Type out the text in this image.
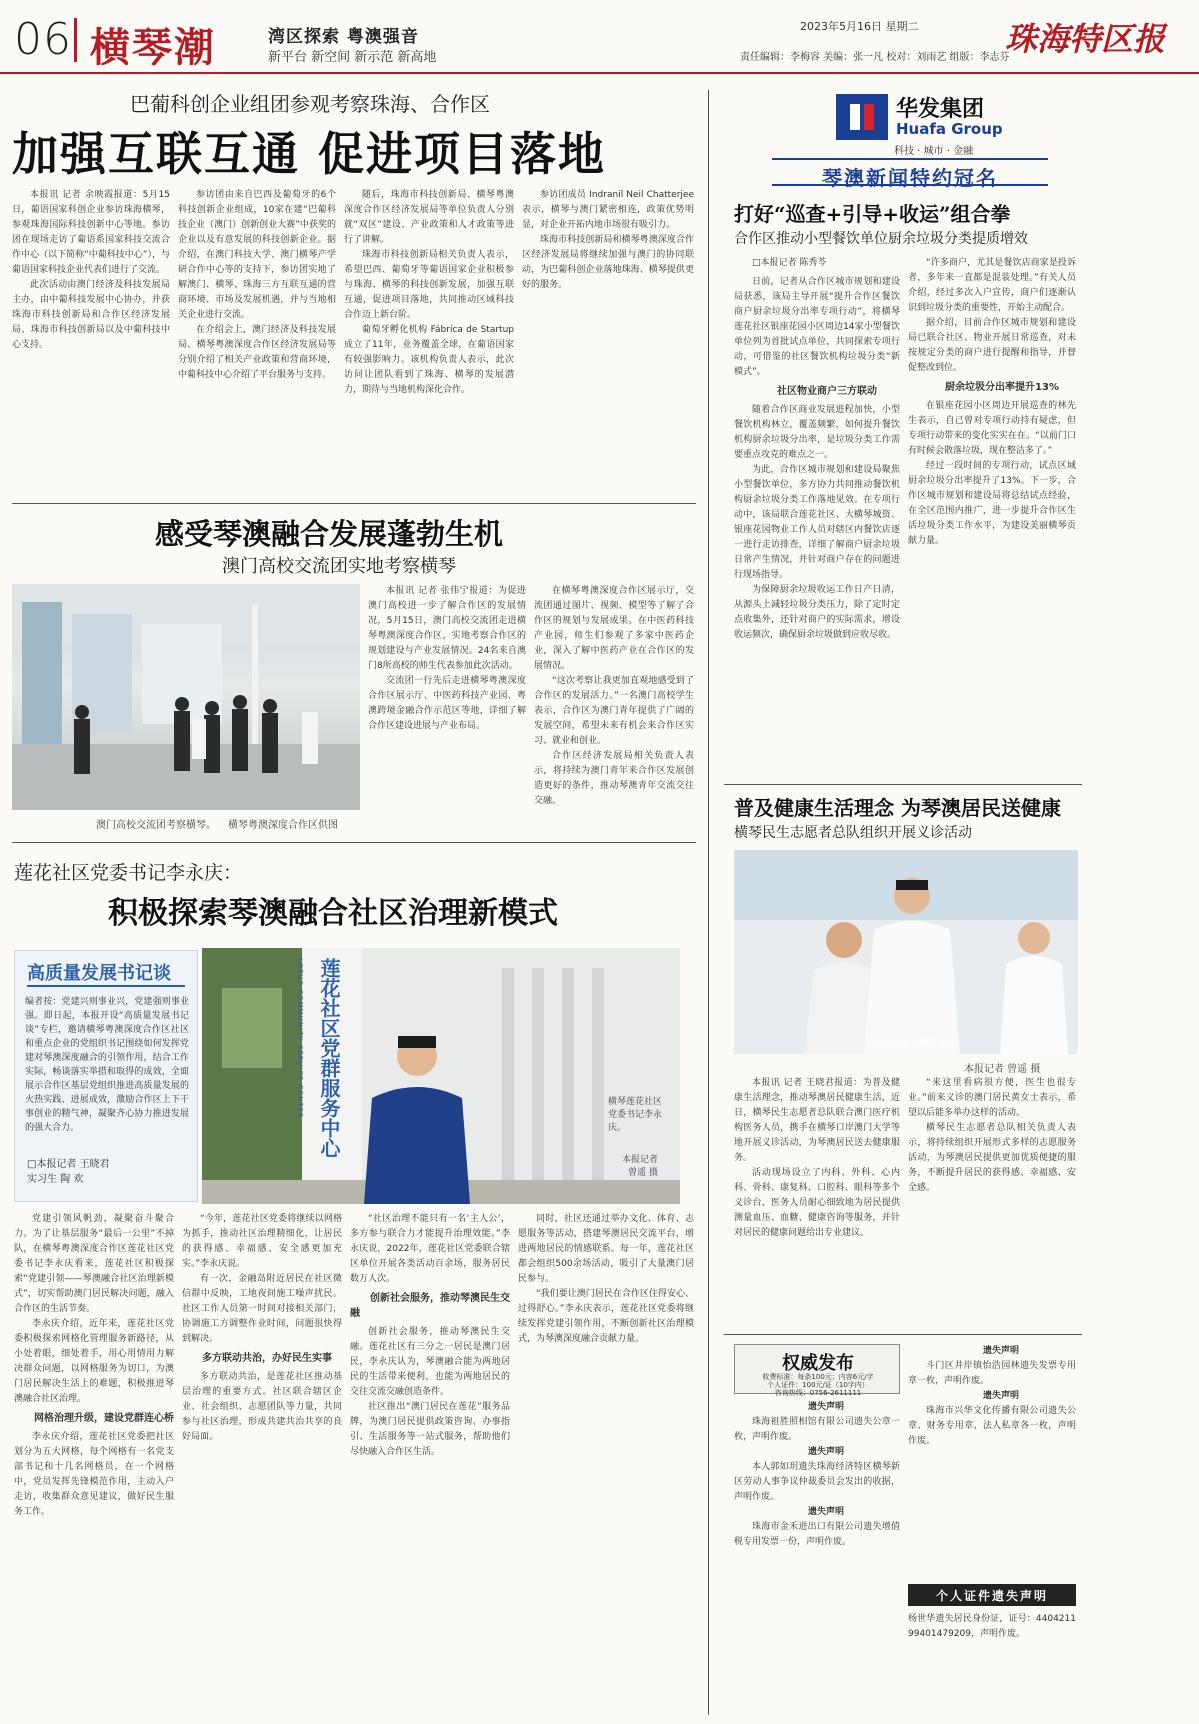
06 横琴潮	湾区探索 粤澳强音
新平台 新空间 新示范 新高地
2023年5月16日 星期二
责任编辑：李梅容 美编：张一凡 校对：刘雨艺 组版：李志芬
珠海特区报
巴葡科创企业组团参观考察珠海、合作区
加强互联互通 促进项目落地

本报讯 记者 余映霞报道：5月15日，葡语国家科创企业参访珠海横琴，参观珠海国际科技创新中心等地。参访团在现场走访了葡语系国家科技交流合作中心（以下简称“中葡科技中心”），与葡语国家科技企业代表们进行了交流。

此次活动由澳门经济及科技发展局主办，由中葡科技发展中心协办，并获珠海市科技创新局和合作区经济发展局、珠海市科技创新局以及中葡科技中心支持。

参访团由来自巴西及葡萄牙的6个科技创新企业组成，10家在建“巴葡科技企业（澳门）创新创业大赛”中获奖的企业以及有意发展的科技创新企业。据介绍，在澳门科技大学、澳门横琴产学研合作中心等的支持下，参访团实地了解澳门、横琴、珠海三方互联互通的营商环境、市场及发展机遇，并与当地相关企业进行交流。

在介绍会上，澳门经济及科技发展局、横琴粤澳深度合作区经济发展局等分别介绍了相关产业政策和营商环境，中葡科技中心介绍了平台服务与支持。

随后，珠海市科技创新局、横琴粤澳深度合作区经济发展局等单位负责人分别就“双区”建设、产业政策和人才政策等进行了讲解。

珠海市科技创新局相关负责人表示，希望巴西、葡萄牙等葡语国家企业积极参与珠海、横琴的科技创新发展，加强互联互通，促进项目落地，共同推动区域科技合作迈上新台阶。

葡萄牙孵化机构 Fábrica de Startup 成立了11年，业务覆盖全球，在葡语国家有较强影响力。该机构负责人表示，此次访问让团队看到了珠海、横琴的发展潜力，期待与当地机构深化合作。

参访团成员 Indranil Neil Chatterjee 表示，横琴与澳门紧密相连，政策优势明显，对企业开拓内地市场很有吸引力。

珠海市科技创新局和横琴粤澳深度合作区经济发展局将继续加强与澳门的协同联动，为巴葡科创企业落地珠海、横琴提供更好的服务。

感受琴澳融合发展蓬勃生机
澳门高校交流团实地考察横琴
澳门高校交流团考察横琴。 横琴粤澳深度合作区供图

本报讯 记者 张伟宁报道：为促进澳门高校进一步了解合作区的发展情况，5月15日，澳门高校交流团走进横琴粤澳深度合作区，实地考察合作区的规划建设与产业发展情况。24名来自澳门8所高校的师生代表参加此次活动。

交流团一行先后走进横琴粤澳深度合作区展示厅、中医药科技产业园、粤澳跨境金融合作示范区等地，详细了解合作区建设进展与产业布局。

在横琴粤澳深度合作区展示厅，交流团通过图片、视频、模型等了解了合作区的规划与发展成果。在中医药科技产业园，师生们参观了多家中医药企业，深入了解中医药产业在合作区的发展情况。

“这次考察让我更加直观地感受到了合作区的发展活力。”一名澳门高校学生表示，合作区为澳门青年提供了广阔的发展空间，希望未来有机会来合作区实习、就业和创业。

合作区经济发展局相关负责人表示，将持续为澳门青年来合作区发展创造更好的条件，推动琴澳青年交流交往交融。

莲花社区党委书记李永庆：
积极探索琴澳融合社区治理新模式
高质量发展书记谈
编者按：党建兴则事业兴，党建强则事业强。即日起，本报开设“高质量发展书记谈”专栏，邀请横琴粤澳深度合作区社区和重点企业的党组织书记围绕如何发挥党建对琴澳深度融合的引领作用，结合工作实际，畅谈落实举措和取得的成效，全面展示合作区基层党组织推进高质量发展的火热实践、进展成效，激励合作区上下干事创业的精气神，凝聚齐心协力推进发展的强大合力。
□本报记者 王晓君
实习生 陶 欢
莲花社区党群服务中心
LOTUS COMMUNITY SERVICE CENTER	横琴莲花社区党委书记李永庆。
本报记者
曾遥 摄

党建引领风帆劲，凝聚奋斗聚合力。为了让基层服务“最后一公里”不掉队，在横琴粤澳深度合作区莲花社区党委书记李永庆看来，莲花社区积极探索“党建引领——琴澳融合社区治理新模式”，切实帮助澳门居民解决问题，融入合作区的生活节奏。

李永庆介绍，近年来，莲花社区党委积极探索网格化管理服务新路径，从小处着眼，细处着手，用心用情用力解决群众问题，以网格服务为切口，为澳门居民解决生活上的难题，积极推进琴澳融合社区治理。

网格治理升级，建设党群连心桥

李永庆介绍，莲花社区党委把社区划分为五大网格，每个网格有一名党支部书记和十几名网格员，在一个网格中，党员发挥先锋模范作用，主动入户走访，收集群众意见建议，做好民生服务工作。

“今年，莲花社区党委将继续以网格为抓手，推动社区治理精细化，让居民的获得感、幸福感、安全感更加充实。”李永庆说。

有一次，金融岛附近居民在社区微信群中反映，工地夜间施工噪声扰民。社区工作人员第一时间对接相关部门，协调施工方调整作业时间，问题很快得到解决。

多方联动共治，办好民生实事

多方联动共治，是莲花社区推动基层治理的重要方式。社区联合辖区企业、社会组织、志愿团队等力量，共同参与社区治理，形成共建共治共享的良好局面。

“社区治理不能只有一名‘主人公’，多方参与联合力才能提升治理效能。”李永庆说，2022年，莲花社区党委联合辖区单位开展各类活动百余场，服务居民数万人次。

创新社会服务，推动琴澳民生交融

创新社会服务，推动琴澳民生交融。莲花社区有三分之一居民是澳门居民，李永庆认为，琴澳融合能为两地居民的生活带来便利，也能为两地居民的交往交流交融创造条件。

社区推出“澳门居民在莲花”服务品牌，为澳门居民提供政策咨询、办事指引、生活服务等一站式服务，帮助他们尽快融入合作区生活。

同时，社区还通过举办文化、体育、志愿服务等活动，搭建琴澳居民交流平台，增进两地居民的情感联系。每一年，莲花社区都会组织500余场活动，吸引了大量澳门居民参与。

“我们要让澳门居民在合作区住得安心、过得舒心。”李永庆表示，莲花社区党委将继续发挥党建引领作用，不断创新社区治理模式，为琴澳深度融合贡献力量。

华发集团
Huafa Group
科技 · 城市 · 金融
琴澳新闻特约冠名
打好“巡查+引导+收运”组合拳
合作区推动小型餐饮单位厨余垃圾分类提质增效

□本报记者 陈秀芩

日前，记者从合作区城市规划和建设局获悉，该局主导开展“提升合作区餐饮商户厨余垃圾分出率专项行动”，将横琴莲花社区银座花园小区周边14家小型餐饮单位列为首批试点单位，共同探索专项行动，可借鉴的社区餐饮机构垃圾分类“新模式”。

社区物业商户三方联动

随着合作区商业发展进程加快，小型餐饮机构林立，覆盖频繁，如何提升餐饮机构厨余垃圾分出率，是垃圾分类工作需要重点攻克的难点之一。

为此，合作区城市规划和建设局聚焦小型餐饮单位，多方协力共同推动餐饮机构厨余垃圾分类工作落地见效。在专项行动中，该局联合莲花社区、大横琴城资、银座花园物业工作人员对辖区内餐饮店逐一进行走访排查，详细了解商户厨余垃圾日常产生情况，并针对商户存在的问题进行现场指导。

为保障厨余垃圾收运工作日产日清，从源头上减轻垃圾分类压力，除了定时定点收集外，还针对商户的实际需求，增设收运频次，确保厨余垃圾做到应收尽收。

“许多商户，尤其是餐饮店商家是投诉者，多年来一直都是混装处理。”有关人员介绍，经过多次入户宣传，商户们逐渐认识到垃圾分类的重要性，开始主动配合。

据介绍，目前合作区城市规划和建设局已联合社区、物业开展日常巡查，对未按规定分类的商户进行提醒和指导，并督促整改到位。

厨余垃圾分出率提升13%

在银座花园小区周边开展巡查的林先生表示，自己曾对专项行动持有疑虑，但专项行动带来的变化实实在在。“以前门口有时候会散落垃圾，现在整洁多了。”

经过一段时间的专项行动，试点区域厨余垃圾分出率提升了13%。下一步，合作区城市规划和建设局将总结试点经验，在全区范围内推广，进一步提升合作区生活垃圾分类工作水平，为建设美丽横琴贡献力量。

普及健康生活理念 为琴澳居民送健康
横琴民生志愿者总队组织开展义诊活动
骨科专家为居民义诊。
本报记者 曾遥 摄

本报讯 记者 王晓君报道：为普及健康生活理念，推动琴澳居民健康生活，近日，横琴民生志愿者总队联合澳门医疗机构医务人员，携手在横琴口岸澳门大学等地开展义诊活动，为琴澳居民送去健康服务。

活动现场设立了内科、外科、心内科、骨科、康复科、口腔科、眼科等多个义诊台，医务人员耐心细致地为居民提供测量血压、血糖、健康咨询等服务，并针对居民的健康问题给出专业建议。

“来这里看病很方便，医生也很专业。”前来义诊的澳门居民黄女士表示，希望以后能多举办这样的活动。

横琴民生志愿者总队相关负责人表示，将持续组织开展形式多样的志愿服务活动，为琴澳居民提供更加优质便捷的服务，不断提升居民的获得感、幸福感、安全感。

权威发布
收费标准：每条100元；内容6元/字
个人证件：100元/证（10字内）
咨询热线：0756-2611111

遗失声明

珠海祖胜照相馆有限公司遗失公章一枚，声明作废。

遗失声明

本人郭如玥遗失珠海经济特区横琴新区劳动人事争议仲裁委员会发出的收据，声明作废。

遗失声明

珠海市金禾进出口有限公司遗失增值税专用发票一份，声明作废。

遗失声明

斗门区井岸镇怡浩园林遗失发票专用章一枚，声明作废。

遗失声明

珠海市兴华文化传播有限公司遗失公章、财务专用章、法人私章各一枚，声明作废。

个人证件遗失声明
杨世华遗失居民身份证，证号：440421199401479209，声明作废。
